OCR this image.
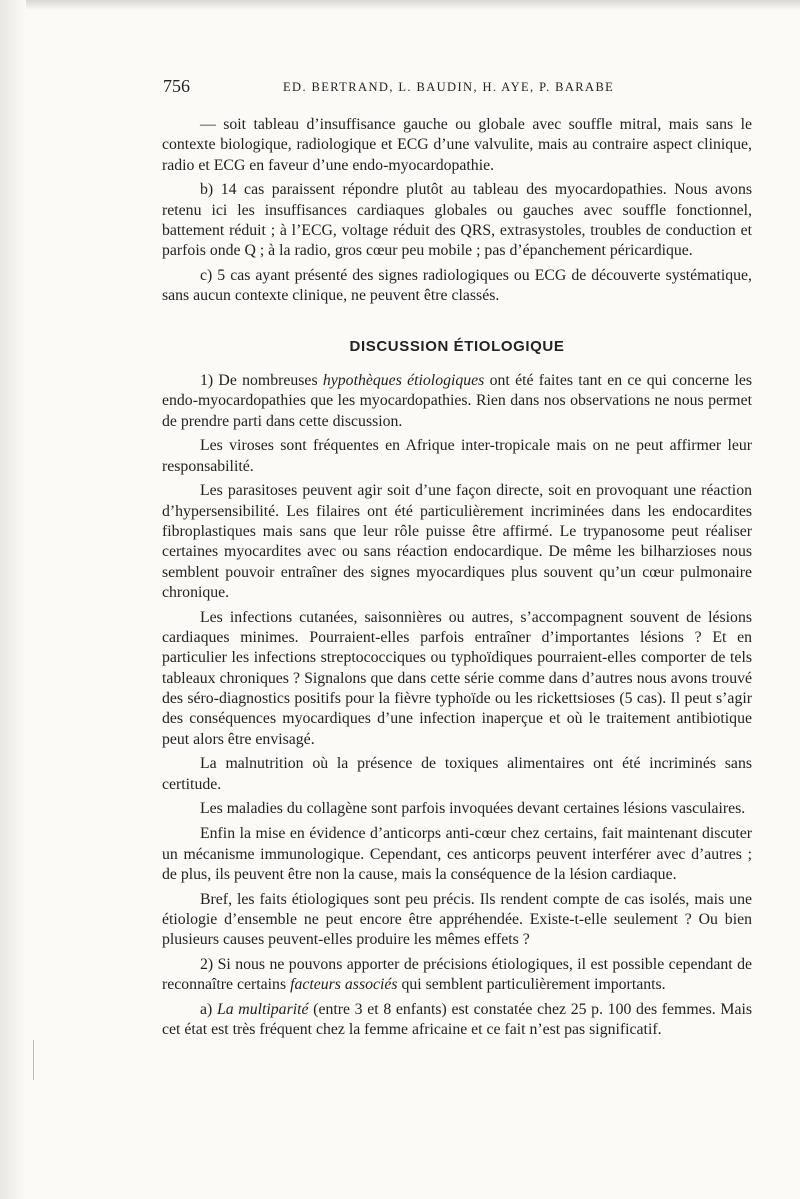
756	ED. BERTRAND, L. BAUDIN, H. AYE, P. BARABE

— soit tableau d’insuffisance gauche ou globale avec souffle mitral, mais sans le contexte biologique, radiologique et ECG d’une valvulite, mais au contraire aspect clinique, radio et ECG en faveur d’une endo-myocardopathie.

b) 14 cas paraissent répondre plutôt au tableau des myocardopathies. Nous avons retenu ici les insuffisances cardiaques globales ou gauches avec souffle fonctionnel, battement réduit ; à l’ECG, voltage réduit des QRS, extrasystoles, troubles de conduction et parfois onde Q ; à la radio, gros cœur peu mobile ; pas d’épanchement péricardique.

c) 5 cas ayant présenté des signes radiologiques ou ECG de découverte systématique, sans aucun contexte clinique, ne peuvent être classés.

DISCUSSION ÉTIOLOGIQUE

1) De nombreuses hypothèques étiologiques ont été faites tant en ce qui concerne les endo-myocardopathies que les myocardopathies. Rien dans nos observations ne nous permet de prendre parti dans cette discussion.

Les viroses sont fréquentes en Afrique inter-tropicale mais on ne peut affirmer leur responsabilité.

Les parasitoses peuvent agir soit d’une façon directe, soit en provoquant une réaction d’hypersensibilité. Les filaires ont été particulièrement incriminées dans les endocardites fibroplastiques mais sans que leur rôle puisse être affirmé. Le trypanosome peut réaliser certaines myocardites avec ou sans réaction endocardique. De même les bilharzioses nous semblent pouvoir entraîner des signes myocardiques plus souvent qu’un cœur pulmonaire chronique.

Les infections cutanées, saisonnières ou autres, s’accompagnent souvent de lésions cardiaques minimes. Pourraient-elles parfois entraîner d’importantes lésions ? Et en particulier les infections streptococciques ou typhoïdiques pourraient-elles comporter de tels tableaux chroniques ? Signalons que dans cette série comme dans d’autres nous avons trouvé des séro-diagnostics positifs pour la fièvre typhoïde ou les rickettsioses (5 cas). Il peut s’agir des conséquences myocardiques d’une infection inaperçue et où le traitement antibiotique peut alors être envisagé.

La malnutrition où la présence de toxiques alimentaires ont été incriminés sans certitude.

Les maladies du collagène sont parfois invoquées devant certaines lésions vasculaires.

Enfin la mise en évidence d’anticorps anti-cœur chez certains, fait maintenant discuter un mécanisme immunologique. Cependant, ces anticorps peuvent interférer avec d’autres ; de plus, ils peuvent être non la cause, mais la conséquence de la lésion cardiaque.

Bref, les faits étiologiques sont peu précis. Ils rendent compte de cas isolés, mais une étiologie d’ensemble ne peut encore être appréhendée. Existe-t-elle seulement ? Ou bien plusieurs causes peuvent-elles produire les mêmes effets ?

2) Si nous ne pouvons apporter de précisions étiologiques, il est possible cependant de reconnaître certains facteurs associés qui semblent particulièrement importants.

a) La multiparité (entre 3 et 8 enfants) est constatée chez 25 p. 100 des femmes. Mais cet état est très fréquent chez la femme africaine et ce fait n’est pas significatif.
